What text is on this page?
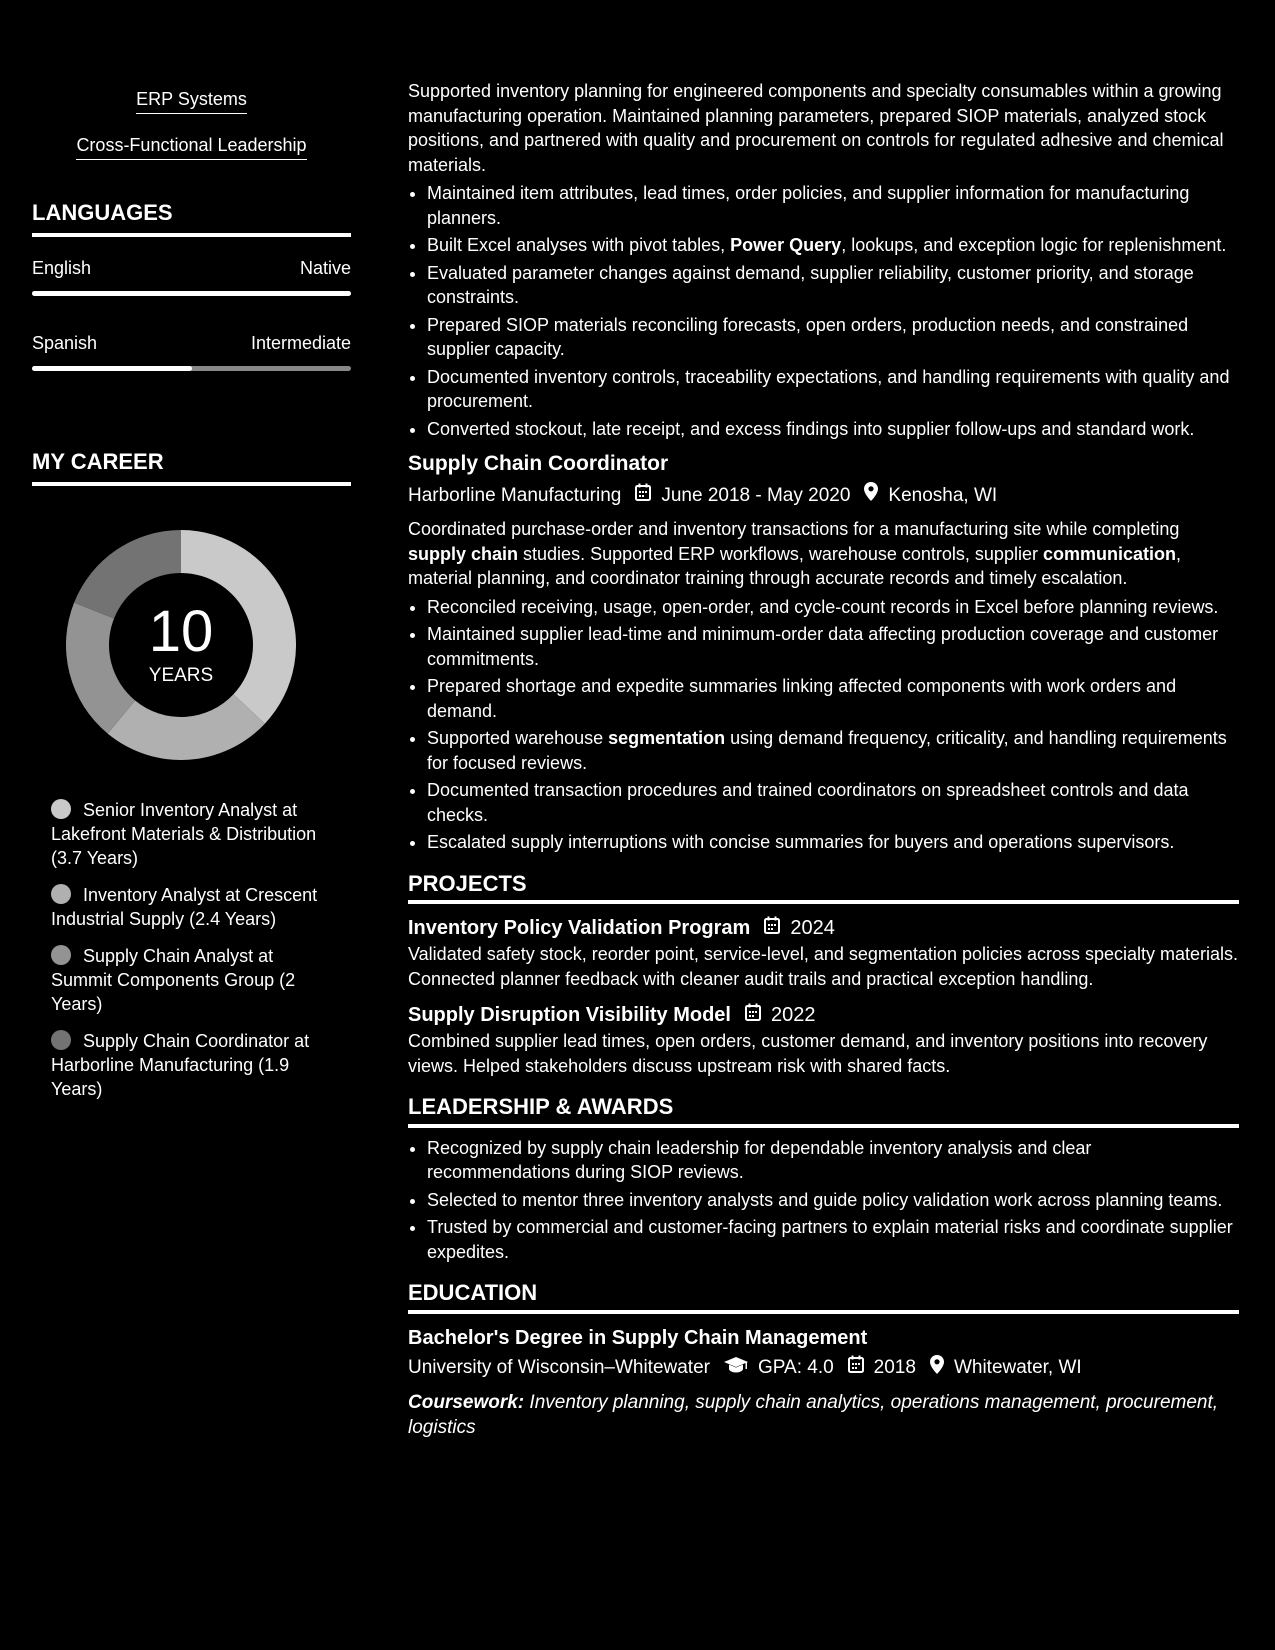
ERP Systems
Cross-Functional Leadership
LANGUAGES
English	Native
Spanish	Intermediate
MY CAREER
10
YEARS
Senior Inventory Analyst at Lakefront Materials & Distribution (3.7 Years)
Inventory Analyst at Crescent Industrial Supply (2.4 Years)
Supply Chain Analyst at Summit Components Group (2 Years)
Supply Chain Coordinator at Harborline Manufacturing (1.9 Years)

Supported inventory planning for engineered components and specialty consumables within a growing manufacturing operation. Maintained planning parameters, prepared SIOP materials, analyzed stock positions, and partnered with quality and procurement on controls for regulated adhesive and chemical materials.

• Maintained item attributes, lead times, order policies, and supplier information for manufacturing planners.
• Built Excel analyses with pivot tables, Power Query, lookups, and exception logic for replenishment.
• Evaluated parameter changes against demand, supplier reliability, customer priority, and storage constraints.
• Prepared SIOP materials reconciling forecasts, open orders, production needs, and constrained supplier capacity.
• Documented inventory controls, traceability expectations, and handling requirements with quality and procurement.
• Converted stockout, late receipt, and excess findings into supplier follow-ups and standard work.
Supply Chain Coordinator
Harborline Manufacturing June 2018 - May 2020 Kenosha, WI

Coordinated purchase-order and inventory transactions for a manufacturing site while completing supply chain studies. Supported ERP workflows, warehouse controls, supplier communication, material planning, and coordinator training through accurate records and timely escalation.

• Reconciled receiving, usage, open-order, and cycle-count records in Excel before planning reviews.
• Maintained supplier lead-time and minimum-order data affecting production coverage and customer commitments.
• Prepared shortage and expedite summaries linking affected components with work orders and demand.
• Supported warehouse segmentation using demand frequency, criticality, and handling requirements for focused reviews.
• Documented transaction procedures and trained coordinators on spreadsheet controls and data checks.
• Escalated supply interruptions with concise summaries for buyers and operations supervisors.
PROJECTS
Inventory Policy Validation Program 2024

Validated safety stock, reorder point, service-level, and segmentation policies across specialty materials. Connected planner feedback with cleaner audit trails and practical exception handling.

Supply Disruption Visibility Model 2022

Combined supplier lead times, open orders, customer demand, and inventory positions into recovery views. Helped stakeholders discuss upstream risk with shared facts.

LEADERSHIP & AWARDS
• Recognized by supply chain leadership for dependable inventory analysis and clear recommendations during SIOP reviews.
• Selected to mentor three inventory analysts and guide policy validation work across planning teams.
• Trusted by commercial and customer-facing partners to explain material risks and coordinate supplier expedites.
EDUCATION
Bachelor's Degree in Supply Chain Management
University of Wisconsin–Whitewater	GPA: 4.0 2018 Whitewater, WI

Coursework: Inventory planning, supply chain analytics, operations management, procurement, logistics
